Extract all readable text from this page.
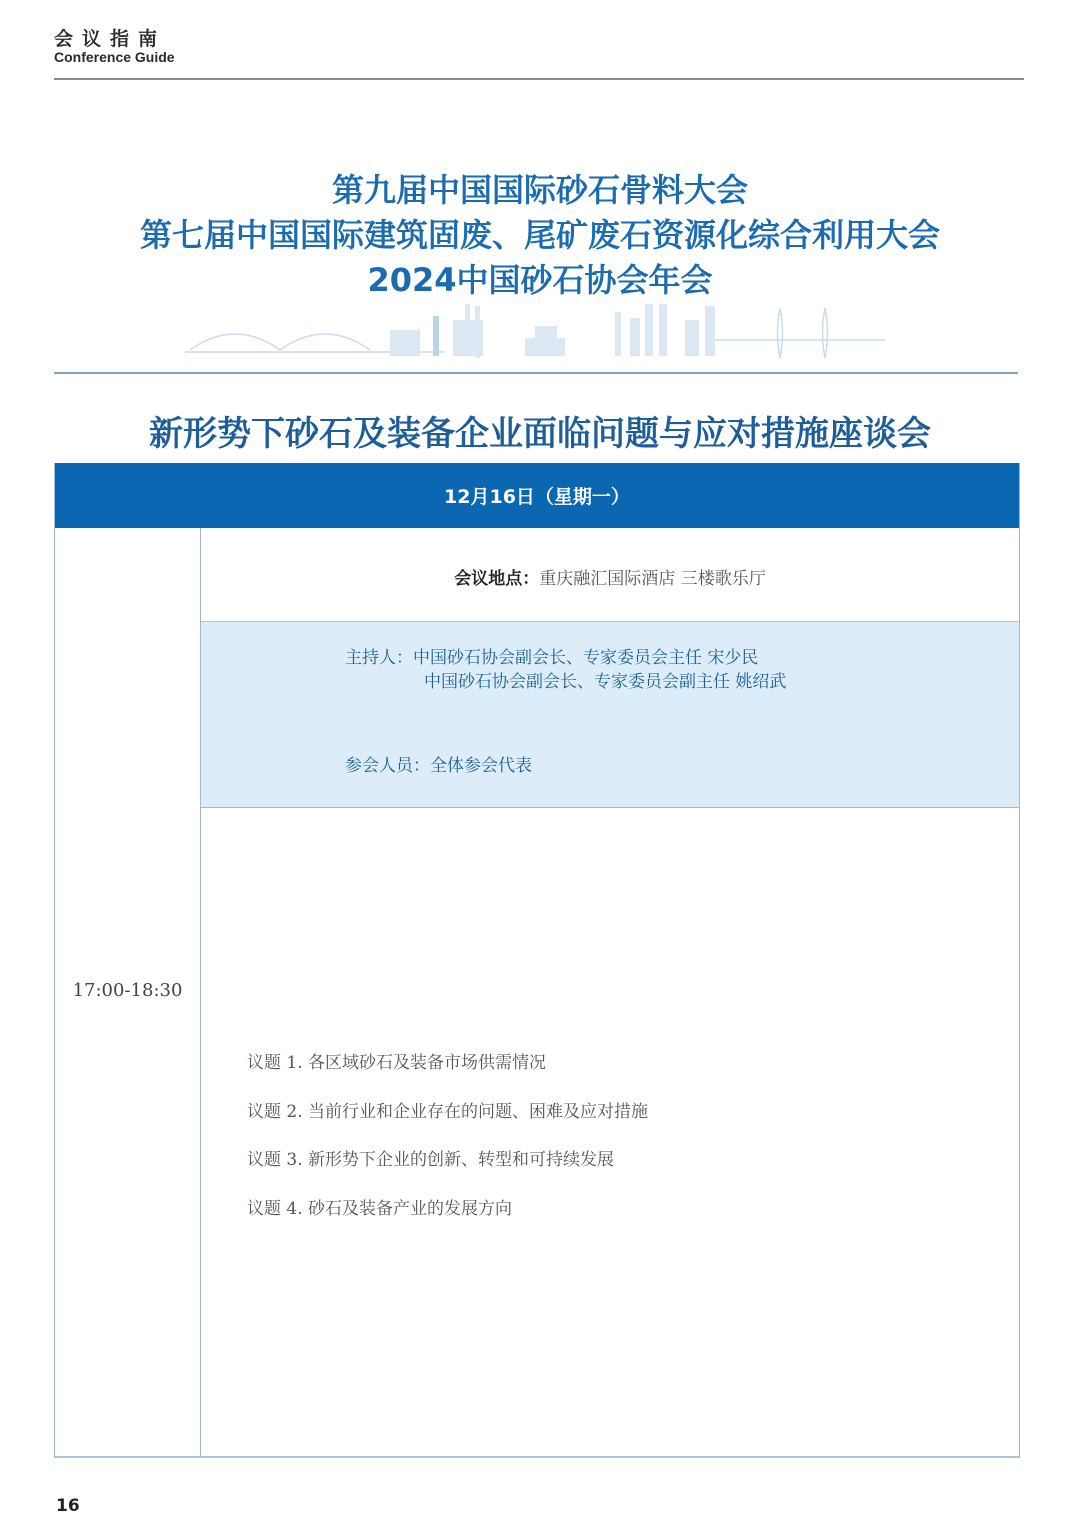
会议指南
Conference Guide
第九届中国国际砂石骨料大会
第七届中国国际建筑固废、尾矿废石资源化综合利用大会
2024中国砂石协会年会
新形势下砂石及装备企业面临问题与应对措施座谈会
12月16日（星期一）
17:00-18:30
会议地点：重庆融汇国际酒店 三楼歌乐厅
主持人：中国砂石协会副会长、专家委员会主任 宋少民
中国砂石协会副会长、专家委员会副主任 姚绍武
参会人员：全体参会代表
议题 1. 各区域砂石及装备市场供需情况
议题 2. 当前行业和企业存在的问题、困难及应对措施
议题 3. 新形势下企业的创新、转型和可持续发展
议题 4. 砂石及装备产业的发展方向
16
